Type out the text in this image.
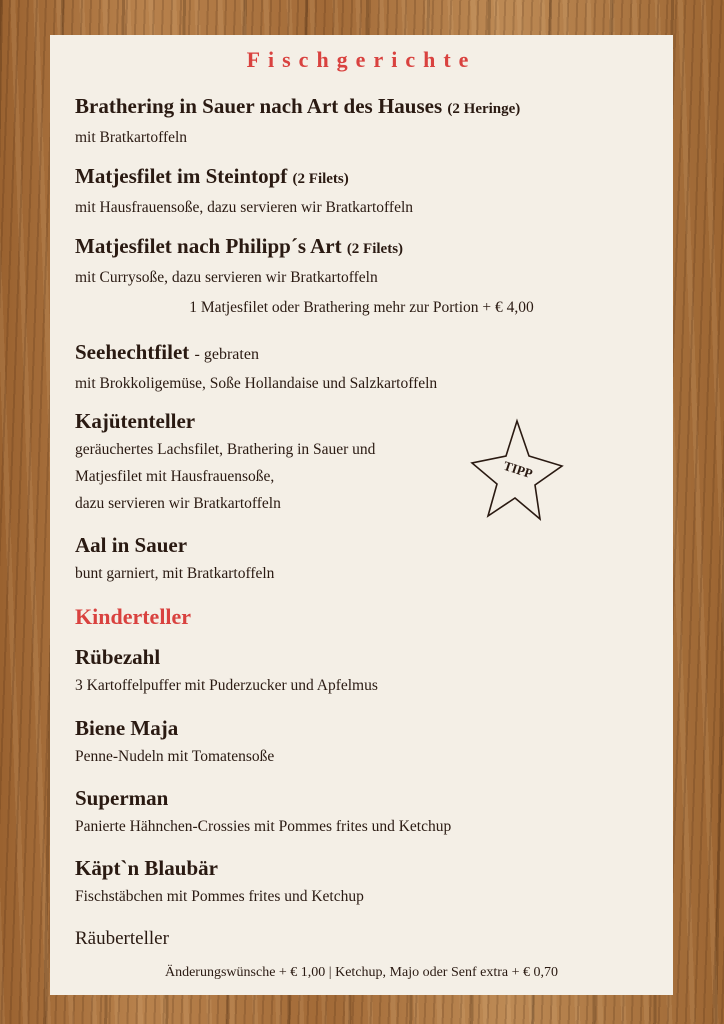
Fischgerichte
Brathering in Sauer nach Art des Hauses (2 Heringe)
mit Bratkartoffeln
Matjesfilet im Steintopf (2 Filets)
mit Hausfrauensoße, dazu servieren wir Bratkartoffeln
Matjesfilet nach Philipp´s Art (2 Filets)
mit Currysoße, dazu servieren wir Bratkartoffeln
1 Matjesfilet oder Brathering mehr zur Portion + € 4,00
Seehechtfilet - gebraten
mit Brokkoligemüse, Soße Hollandaise und Salzkartoffeln
Kajütenteller
geräuchertes Lachsfilet, Brathering in Sauer und
Matjesfilet mit Hausfrauensoße,
dazu servieren wir Bratkartoffeln
TIPP
Aal in Sauer
bunt garniert, mit Bratkartoffeln
Kinderteller
Rübezahl
3 Kartoffelpuffer mit Puderzucker und Apfelmus
Biene Maja
Penne-Nudeln mit Tomatensoße
Superman
Panierte Hähnchen-Crossies mit Pommes frites und Ketchup
Käpt`n Blaubär
Fischstäbchen mit Pommes frites und Ketchup
Räuberteller
Änderungswünsche + € 1,00 | Ketchup, Majo oder Senf extra + € 0,70
